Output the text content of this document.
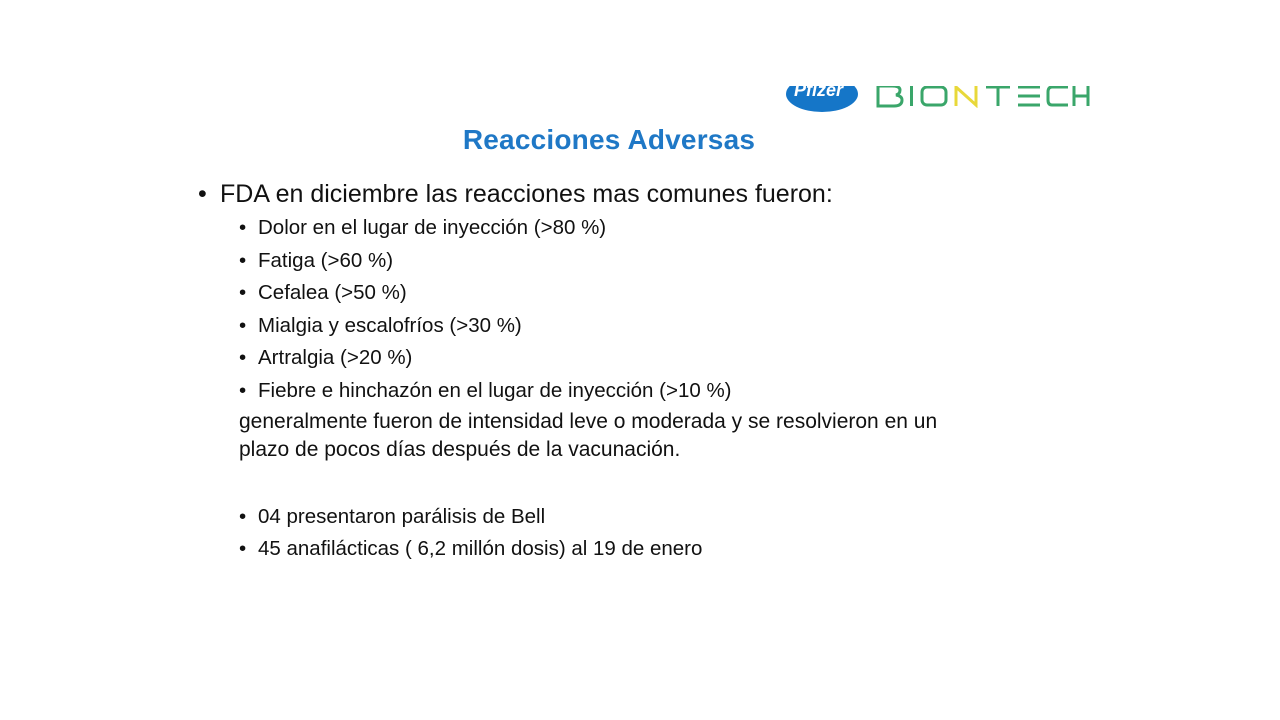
Pfizer
Reacciones Adversas
• FDA en diciembre las reacciones mas comunes fueron:
• Dolor en el lugar de inyección (>80 %)
• Fatiga (>60 %)
• Cefalea (>50 %)
• Mialgia y escalofríos (>30 %)
• Artralgia (>20 %)
• Fiebre e hinchazón en el lugar de inyección (>10 %)
generalmente fueron de intensidad leve o moderada y se resolvieron en un
plazo de pocos días después de la vacunación.
• 04 presentaron parálisis de Bell
• 45 anafilácticas ( 6,2 millón dosis) al 19 de enero
